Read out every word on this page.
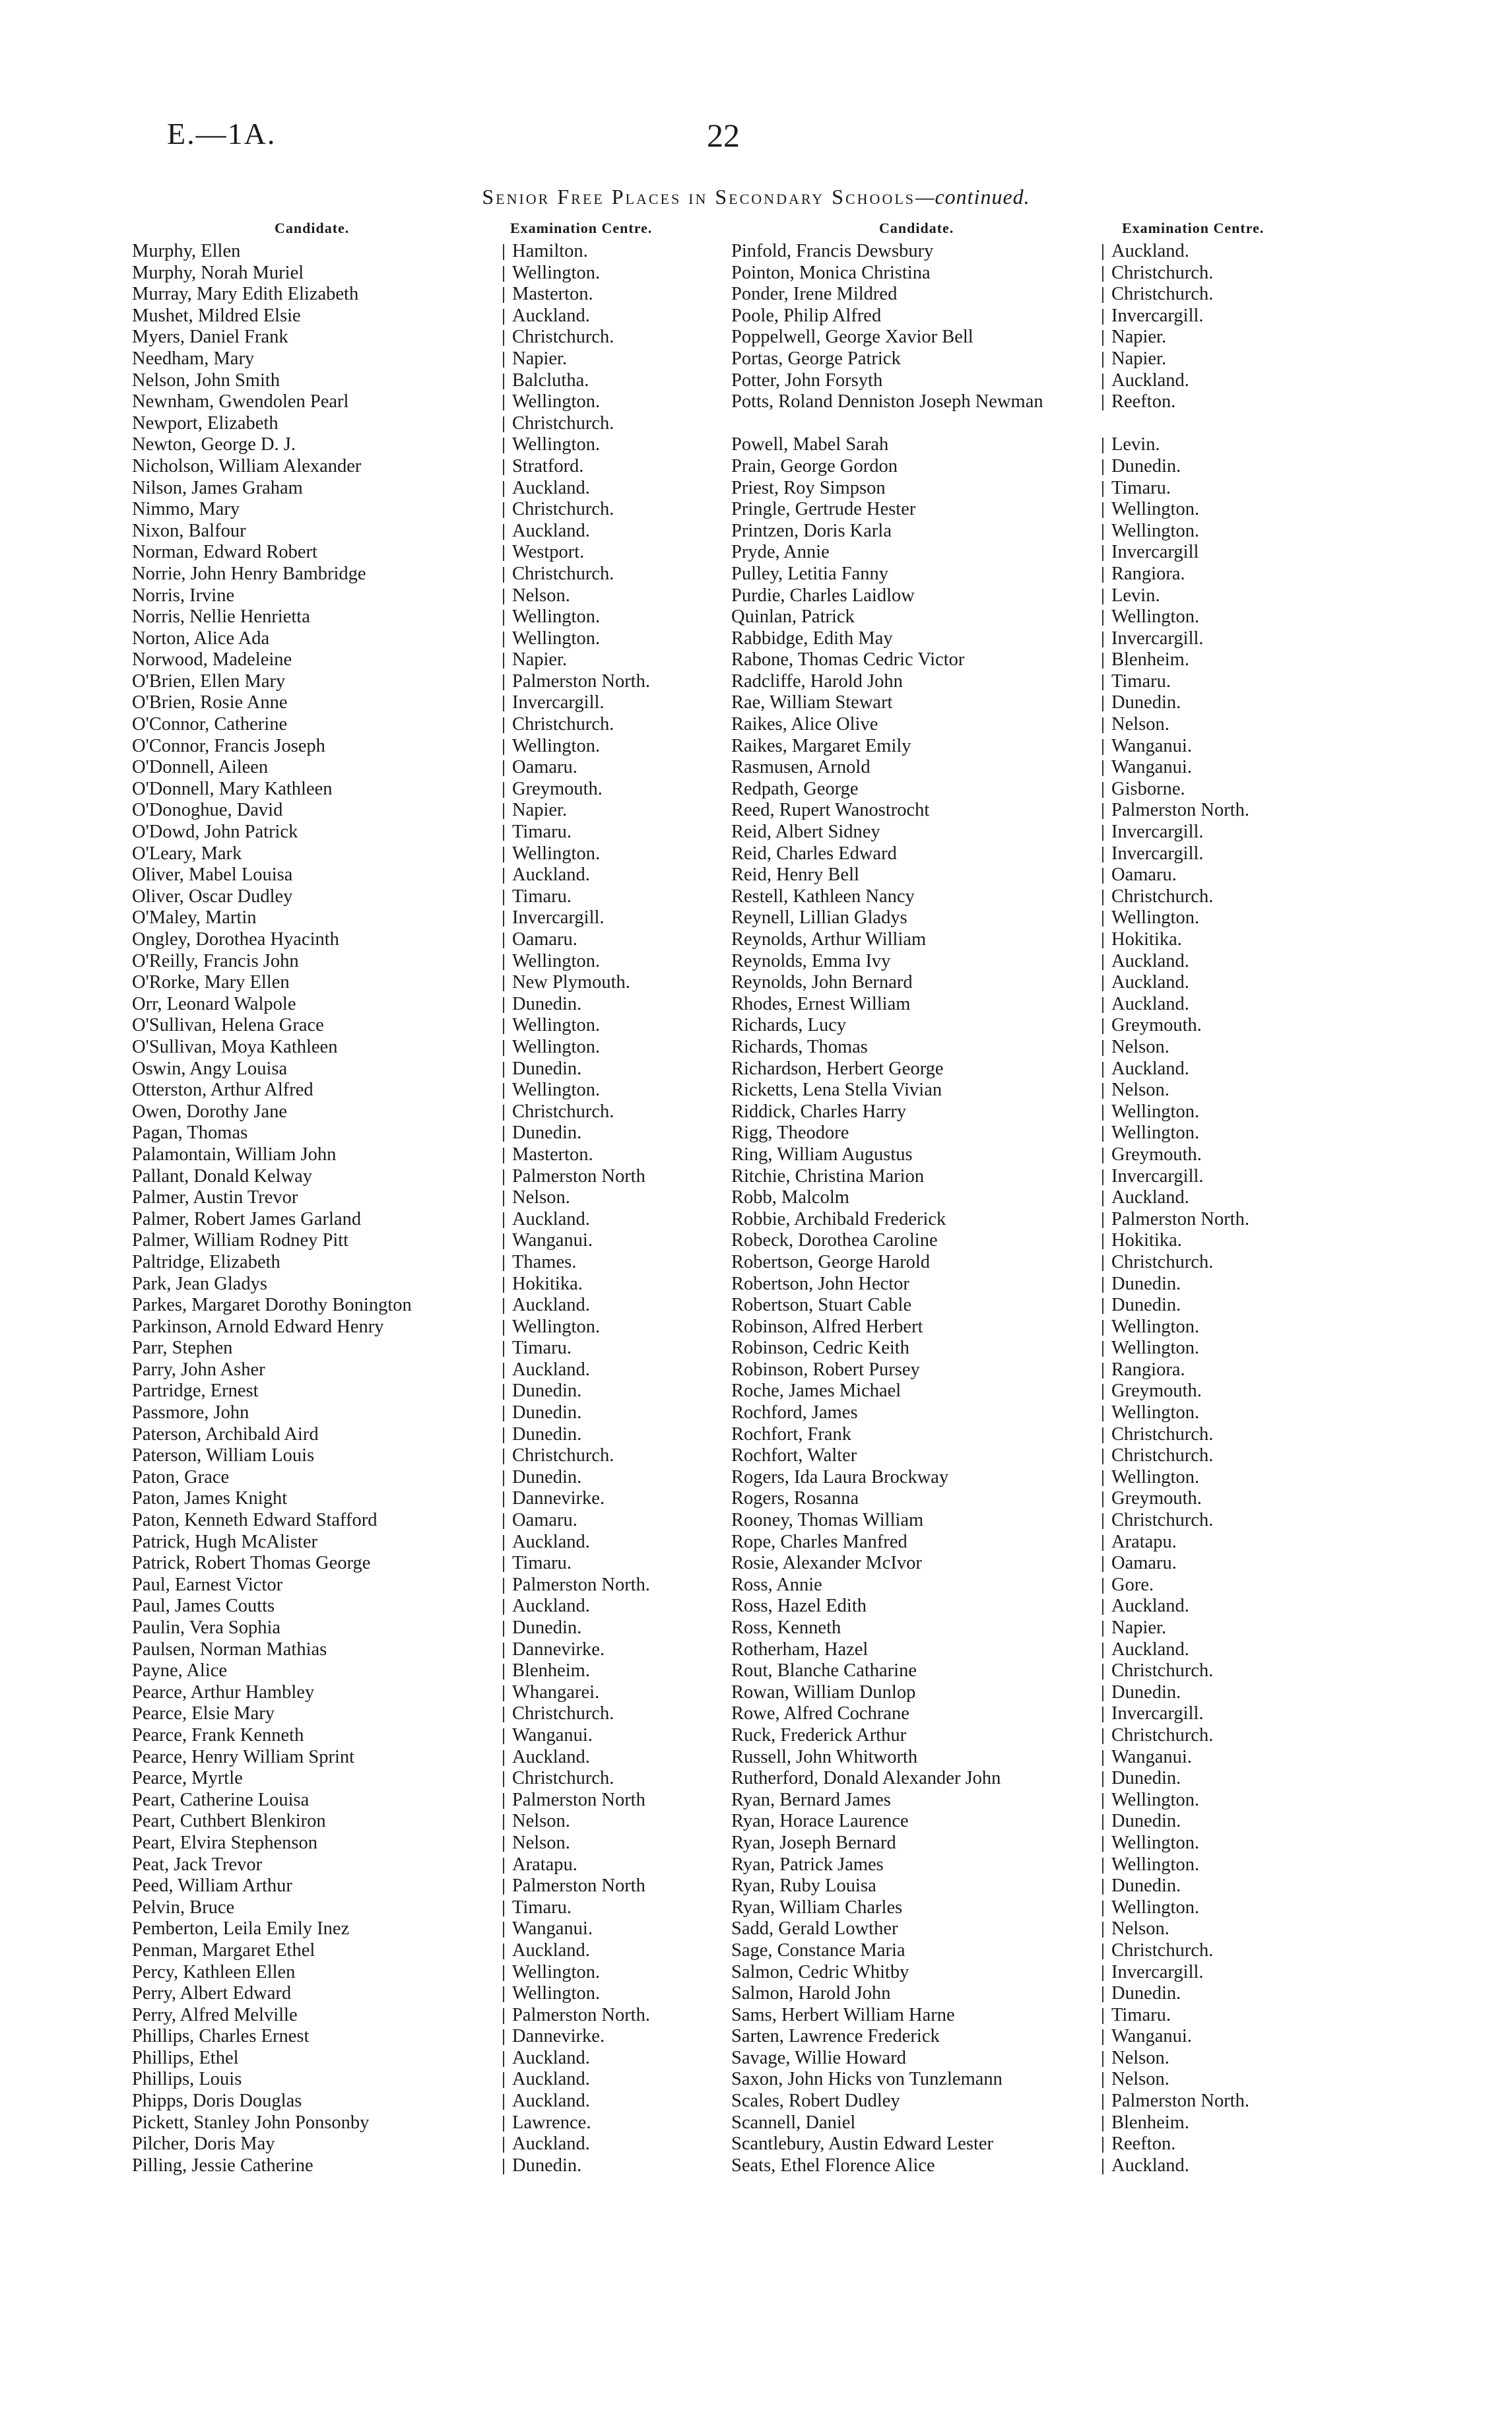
E.—1A.	22
Senior Free Places in Secondary Schools—continued.
Candidate.	Examination Centre.	Candidate.	Examination Centre.
Murphy, Ellen	Hamilton.
Murphy, Norah Muriel	Wellington.
Murray, Mary Edith Elizabeth	Masterton.
Mushet, Mildred Elsie	Auckland.
Myers, Daniel Frank	Christchurch.
Needham, Mary	Napier.
Nelson, John Smith	Balclutha.
Newnham, Gwendolen Pearl	Wellington.
Newport, Elizabeth	Christchurch.
Newton, George D. J.	Wellington.
Nicholson, William Alexander	Stratford.
Nilson, James Graham	Auckland.
Nimmo, Mary	Christchurch.
Nixon, Balfour	Auckland.
Norman, Edward Robert	Westport.
Norrie, John Henry Bambridge	Christchurch.
Norris, Irvine	Nelson.
Norris, Nellie Henrietta	Wellington.
Norton, Alice Ada	Wellington.
Norwood, Madeleine	Napier.
O'Brien, Ellen Mary	Palmerston North.
O'Brien, Rosie Anne	Invercargill.
O'Connor, Catherine	Christchurch.
O'Connor, Francis Joseph	Wellington.
O'Donnell, Aileen	Oamaru.
O'Donnell, Mary Kathleen	Greymouth.
O'Donoghue, David	Napier.
O'Dowd, John Patrick	Timaru.
O'Leary, Mark	Wellington.
Oliver, Mabel Louisa	Auckland.
Oliver, Oscar Dudley	Timaru.
O'Maley, Martin	Invercargill.
Ongley, Dorothea Hyacinth	Oamaru.
O'Reilly, Francis John	Wellington.
O'Rorke, Mary Ellen	New Plymouth.
Orr, Leonard Walpole	Dunedin.
O'Sullivan, Helena Grace	Wellington.
O'Sullivan, Moya Kathleen	Wellington.
Oswin, Angy Louisa	Dunedin.
Otterston, Arthur Alfred	Wellington.
Owen, Dorothy Jane	Christchurch.
Pagan, Thomas	Dunedin.
Palamontain, William John	Masterton.
Pallant, Donald Kelway	Palmerston North
Palmer, Austin Trevor	Nelson.
Palmer, Robert James Garland	Auckland.
Palmer, William Rodney Pitt	Wanganui.
Paltridge, Elizabeth	Thames.
Park, Jean Gladys	Hokitika.
Parkes, Margaret Dorothy Bonington	Auckland.
Parkinson, Arnold Edward Henry	Wellington.
Parr, Stephen	Timaru.
Parry, John Asher	Auckland.
Partridge, Ernest	Dunedin.
Passmore, John	Dunedin.
Paterson, Archibald Aird	Dunedin.
Paterson, William Louis	Christchurch.
Paton, Grace	Dunedin.
Paton, James Knight	Dannevirke.
Paton, Kenneth Edward Stafford	Oamaru.
Patrick, Hugh McAlister	Auckland.
Patrick, Robert Thomas George	Timaru.
Paul, Earnest Victor	Palmerston North.
Paul, James Coutts	Auckland.
Paulin, Vera Sophia	Dunedin.
Paulsen, Norman Mathias	Dannevirke.
Payne, Alice	Blenheim.
Pearce, Arthur Hambley	Whangarei.
Pearce, Elsie Mary	Christchurch.
Pearce, Frank Kenneth	Wanganui.
Pearce, Henry William Sprint	Auckland.
Pearce, Myrtle	Christchurch.
Peart, Catherine Louisa	Palmerston North
Peart, Cuthbert Blenkiron	Nelson.
Peart, Elvira Stephenson	Nelson.
Peat, Jack Trevor	Aratapu.
Peed, William Arthur	Palmerston North
Pelvin, Bruce	Timaru.
Pemberton, Leila Emily Inez	Wanganui.
Penman, Margaret Ethel	Auckland.
Percy, Kathleen Ellen	Wellington.
Perry, Albert Edward	Wellington.
Perry, Alfred Melville	Palmerston North.
Phillips, Charles Ernest	Dannevirke.
Phillips, Ethel	Auckland.
Phillips, Louis	Auckland.
Phipps, Doris Douglas	Auckland.
Pickett, Stanley John Ponsonby	Lawrence.
Pilcher, Doris May	Auckland.
Pilling, Jessie Catherine	Dunedin.
Pinfold, Francis Dewsbury	Auckland.
Pointon, Monica Christina	Christchurch.
Ponder, Irene Mildred	Christchurch.
Poole, Philip Alfred	Invercargill.
Poppelwell, George Xavior Bell	Napier.
Portas, George Patrick	Napier.
Potter, John Forsyth	Auckland.
Potts, Roland Denniston Joseph Newman	Reefton.
Powell, Mabel Sarah	Levin.
Prain, George Gordon	Dunedin.
Priest, Roy Simpson	Timaru.
Pringle, Gertrude Hester	Wellington.
Printzen, Doris Karla	Wellington.
Pryde, Annie	Invercargill
Pulley, Letitia Fanny	Rangiora.
Purdie, Charles Laidlow	Levin.
Quinlan, Patrick	Wellington.
Rabbidge, Edith May	Invercargill.
Rabone, Thomas Cedric Victor	Blenheim.
Radcliffe, Harold John	Timaru.
Rae, William Stewart	Dunedin.
Raikes, Alice Olive	Nelson.
Raikes, Margaret Emily	Wanganui.
Rasmusen, Arnold	Wanganui.
Redpath, George	Gisborne.
Reed, Rupert Wanostrocht	Palmerston North.
Reid, Albert Sidney	Invercargill.
Reid, Charles Edward	Invercargill.
Reid, Henry Bell	Oamaru.
Restell, Kathleen Nancy	Christchurch.
Reynell, Lillian Gladys	Wellington.
Reynolds, Arthur William	Hokitika.
Reynolds, Emma Ivy	Auckland.
Reynolds, John Bernard	Auckland.
Rhodes, Ernest William	Auckland.
Richards, Lucy	Greymouth.
Richards, Thomas	Nelson.
Richardson, Herbert George	Auckland.
Ricketts, Lena Stella Vivian	Nelson.
Riddick, Charles Harry	Wellington.
Rigg, Theodore	Wellington.
Ring, William Augustus	Greymouth.
Ritchie, Christina Marion	Invercargill.
Robb, Malcolm	Auckland.
Robbie, Archibald Frederick	Palmerston North.
Robeck, Dorothea Caroline	Hokitika.
Robertson, George Harold	Christchurch.
Robertson, John Hector	Dunedin.
Robertson, Stuart Cable	Dunedin.
Robinson, Alfred Herbert	Wellington.
Robinson, Cedric Keith	Wellington.
Robinson, Robert Pursey	Rangiora.
Roche, James Michael	Greymouth.
Rochford, James	Wellington.
Rochfort, Frank	Christchurch.
Rochfort, Walter	Christchurch.
Rogers, Ida Laura Brockway	Wellington.
Rogers, Rosanna	Greymouth.
Rooney, Thomas William	Christchurch.
Rope, Charles Manfred	Aratapu.
Rosie, Alexander McIvor	Oamaru.
Ross, Annie	Gore.
Ross, Hazel Edith	Auckland.
Ross, Kenneth	Napier.
Rotherham, Hazel	Auckland.
Rout, Blanche Catharine	Christchurch.
Rowan, William Dunlop	Dunedin.
Rowe, Alfred Cochrane	Invercargill.
Ruck, Frederick Arthur	Christchurch.
Russell, John Whitworth	Wanganui.
Rutherford, Donald Alexander John	Dunedin.
Ryan, Bernard James	Wellington.
Ryan, Horace Laurence	Dunedin.
Ryan, Joseph Bernard	Wellington.
Ryan, Patrick James	Wellington.
Ryan, Ruby Louisa	Dunedin.
Ryan, William Charles	Wellington.
Sadd, Gerald Lowther	Nelson.
Sage, Constance Maria	Christchurch.
Salmon, Cedric Whitby	Invercargill.
Salmon, Harold John	Dunedin.
Sams, Herbert William Harne	Timaru.
Sarten, Lawrence Frederick	Wanganui.
Savage, Willie Howard	Nelson.
Saxon, John Hicks von Tunzlemann	Nelson.
Scales, Robert Dudley	Palmerston North.
Scannell, Daniel	Blenheim.
Scantlebury, Austin Edward Lester	Reefton.
Seats, Ethel Florence Alice	Auckland.
